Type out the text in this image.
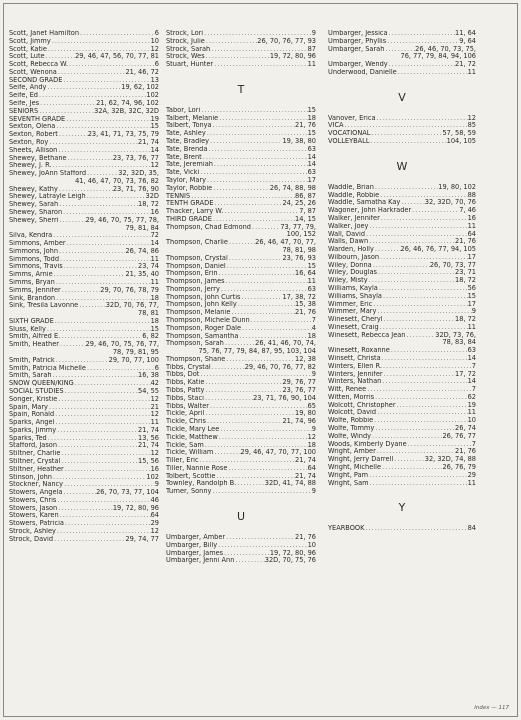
Scott, Janet Hamilton .....	6
Scott, Jimmy .....	10
Scott, Katie .....	12
Scott, Lute .....	29, 46, 47, 56, 70, 77, 81
Scott, Rebecca W. .....	6
Scott, Wenona .....	21, 46, 72
SECOND GRADE .....	13
Seife, Andy .....	19, 62, 102
Seife, Ed .....	102
Seife, Jes .....	21, 62, 74, 96, 102
SENIORS .....	32A, 32B, 32C, 32D
SEVENTH GRADE .....	19
Sexton, Olena .....	15
Sexton, Robert .....	23, 41, 71, 73, 75, 79
Sexton, Roy .....	21, 74
Sheets, Allison .....	14
Shewey, Bethane .....	23, 73, 76, 77
Shewey, J. R. .....	12
Shewey, JoAnn Stafford .....	32, 32D, 35,
41, 46, 47, 70, 73, 76, 82
Shewey, Kathy .....	23, 71, 76, 90
Shewey, Latrayle Leigh .....	32D
Shewey, Sarah .....	18, 72
Shewey, Sharon .....	16
Shewey, Sherri .....	29, 46, 70, 75, 77, 78,
79, 81, 84
Silva, Kendra .....	72
Simmons, Amber .....	14
Simmons, John .....	26, 74, 86
Simmons, Todd .....	11
Simmons, Travis .....	23, 74
Simms, Arnie .....	21, 35, 40
Simms, Bryan .....	11
Simms, Jennifer .....	29, 70, 76, 78, 79
Sink, Brandon .....	18
Sink, Tresila Lavonne .....	32D, 70, 76, 77,
78, 81
SIXTH GRADE .....	18
Sluss, Kelly .....	15
Smith, Alfred E. .....	6, 82
Smith, Heather .....	29, 46, 70, 75, 76, 77,
78, 79, 81, 95
Smith, Patrick .....	29, 70, 77, 100
Smith, Patricia Michelle .....	6
Smith, Sarah .....	16, 38
SNOW QUEEN/KING .....	42
SOCIAL STUDIES .....	54, 55
Songer, Kristie .....	12
Spain, Mary .....	21
Spain, Ronald .....	12
Sparks, Angel .....	11
Sparks, Jimmy .....	21, 74
Sparks, Ted .....	13, 56
Stafford, Jason .....	21, 74
Stiltner, Charlie .....	12
Stiltner, Crystal .....	15, 56
Stiltner, Heather .....	16
Stinson, John .....	102
Stockner, Nancy .....	9
Stowers, Angela .....	26, 70, 73, 77, 104
Stowers, Chris .....	46
Stowers, Jason .....	19, 72, 80, 96
Stowers, Karen .....	64
Stowers, Patricia .....	29
Strock, Ashley .....	12
Strock, David .....	29, 74, 77
Strock, Lori .....	9
Strock, Julie .....	26, 70, 76, 77, 93
Strock, Sarah .....	87
Strock, Wes .....	19, 72, 80, 96
Stuart, Hunter .....	11
T
Tabor, Lori .....	15
Talbert, Melanie .....	18
Talbert, Tonya .....	21, 76
Tate, Ashley .....	15
Tate, Bradley .....	19, 38, 80
Tate, Brenda .....	63
Tate, Brent .....	14
Tate, Jeremiah .....	14
Tate, Vicki .....	63
Taylor, Mary .....	17
Taylor, Robbie .....	26, 74, 88, 98
TENNIS .....	86, 87
TENTH GRADE .....	24, 25, 26
Thacker, Larry W. .....	7, 87
THIRD GRADE .....	14, 15
Thompson, Chad Edmond .....	73, 77, 79,
100, 152
Thompson, Charlie .....	26, 46, 47, 70, 77,
78, 81, 98
Thompson, Crystal .....	23, 76, 93
Thompson, Daniel .....	15
Thompson, Erin .....	16, 64
Thompson, James .....	11
Thompson, Jerry .....	63
Thompson, John Curtis .....	17, 38, 72
Thompson, John Kelly .....	15, 38
Thompson, Melanie .....	21, 76
Thompson, Michele Dunn .....	7
Thompson, Roger Dale .....	4
Thompson, Samantha .....	18
Thompson, Sarah .....	26, 41, 46, 70, 74,
75, 76, 77, 79, 84, 87, 95, 103, 104
Thompson, Shane .....	12, 38
Tibbs, Crystal .....	29, 46, 70, 76, 77, 82
Tibbs, Dot .....	9
Tibbs, Katie .....	29, 76, 77
Tibbs, Patty .....	23, 76, 77
Tibbs, Staci .....	23, 71, 76, 90, 104
Tibbs, Walter .....	65
Tickle, April .....	19, 80
Tickle, Chris .....	21, 74, 96
Tickle, Mary Lee .....	9
Tickle, Matthew .....	12
Tickle, Sam .....	18
Tickle, William .....	29, 46, 47, 70, 77, 100
Tiller, Eric .....	21, 74
Tiller, Nannie Rose .....	64
Tolbert, Scottie .....	21, 74
Townley, Randolph B. .....	32D, 41, 74, 88
Turner, Sonny .....	9
U
Umbarger, Amber .....	21, 76
Umbarger, Billy .....	10
Umbarger, James .....	19, 72, 80, 96
Umbarger, Jenni Ann .....	32D, 70, 75, 76
Umbarger, Jessica .....	11, 64
Umbarger, Phyllis .....	9, 64
Umbarger, Sarah .....	26, 46, 70, 73, 75,
76, 77, 79, 84, 94, 106
Umbarger, Wendy .....	21, 72
Underwood, Danielle .....	11
V
Vanover, Erica .....	12
VICA .....	85
VOCATIONAL .....	57, 58, 59
VOLLEYBALL .....	104, 105
W
Waddle, Brian .....	19, 80, 102
Waddle, Robbie .....	88
Waddle, Samatha Kay .....	32, 32D, 70, 76
Wagoner, John Harkrader .....	7, 46
Walker, Jennifer .....	16
Walker, Joey .....	11
Wall, David .....	64
Walls, Dawn .....	21, 76
Warden, Holly .....	26, 46, 76, 77, 94, 105
Wilbourn, Jason .....	17
Wiley, Donna .....	26, 70, 73, 77
Wiley, Douglas .....	23, 71
Wiley, Misty .....	18, 72
Williams, Kayla .....	56
Williams, Shayla .....	15
Wimmer, Eric .....	17
Wimmer, Mary .....	9
Winesett, Cheryl .....	18, 72
Winesett, Craig .....	11
Winesett, Rebecca Jean .....	32D, 73, 76,
78, 83, 84
Winesett, Roxanne .....	63
Winsett, Christa .....	14
Winters, Ellen R. .....	7
Winters, Jennifer .....	17, 72
Winters, Nathan .....	14
Witt, Renee .....	7
Witten, Morris .....	62
Wolcott, Christopher .....	19
Wolcott, David .....	11
Wolfe, Robbie .....	10
Wolfe, Tommy .....	26, 74
Wolfe, Windy .....	26, 76, 77
Woods, Kimberly Dyane .....	7
Wright, Amber .....	21, 76
Wright, Jerry Darrell .....	32, 32D, 74, 88
Wright, Michelle .....	26, 76, 79
Wright, Pam .....	29
Wright, Sam .....	11
Y
YEARBOOK .....	84
Index — 117
